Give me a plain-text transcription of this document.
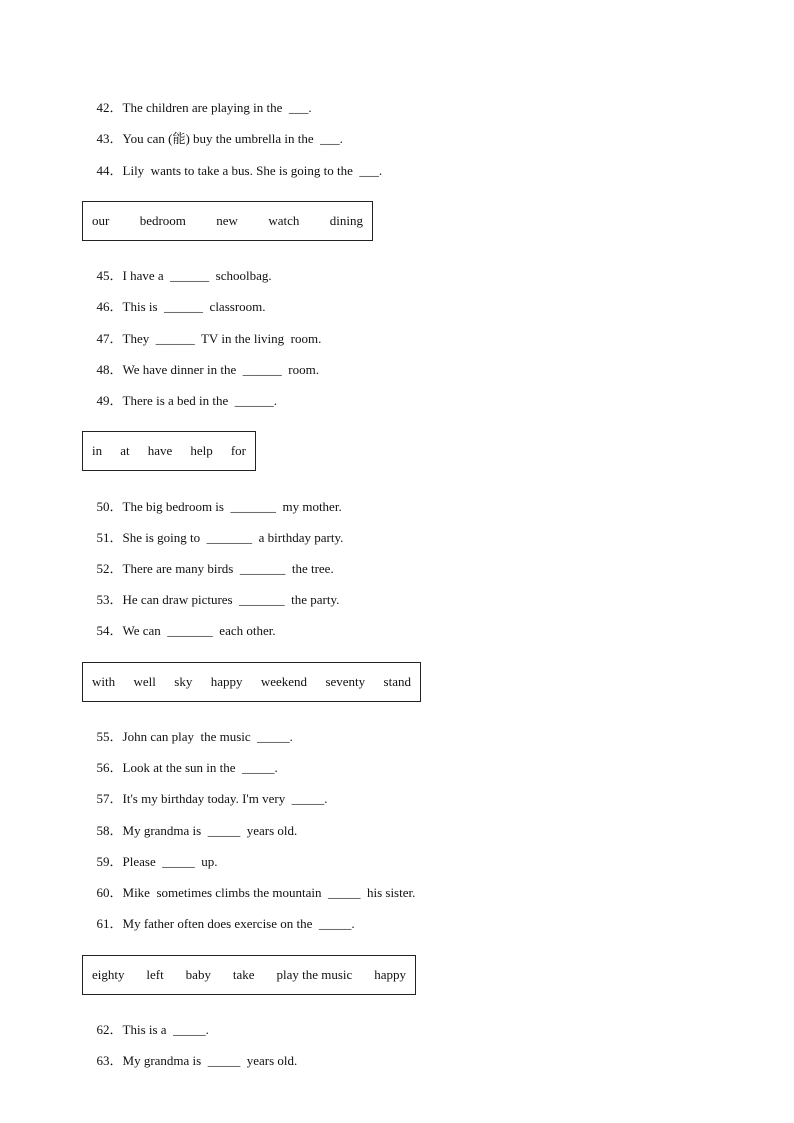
42．The children are playing in the  ___.

43．You can (能) buy the umbrella in the  ___.

44．Lily  wants to take a bus. She is going to the  ___.

our bedroom new watch dining

45．I have a  ______  schoolbag.

46．This is  ______  classroom.

47．They  ______  TV in the living  room.

48．We have dinner in the  ______  room.

49．There is a bed in the  ______.

in at have help for

50．The big bedroom is  _______  my mother.

51．She is going to  _______  a birthday party.

52．There are many birds  _______  the tree.

53．He can draw pictures  _______  the party.

54．We can  _______  each other.

with well sky happy weekend seventy stand

55．John can play  the music  _____.

56．Look at the sun in the  _____.

57．It's my birthday today. I'm very  _____.

58．My grandma is  _____  years old.

59．Please  _____  up.

60．Mike  sometimes climbs the mountain  _____  his sister.

61．My father often does exercise on the  _____.

eighty left baby take play the music happy

62．This is a  _____.

63．My grandma is  _____  years old.
